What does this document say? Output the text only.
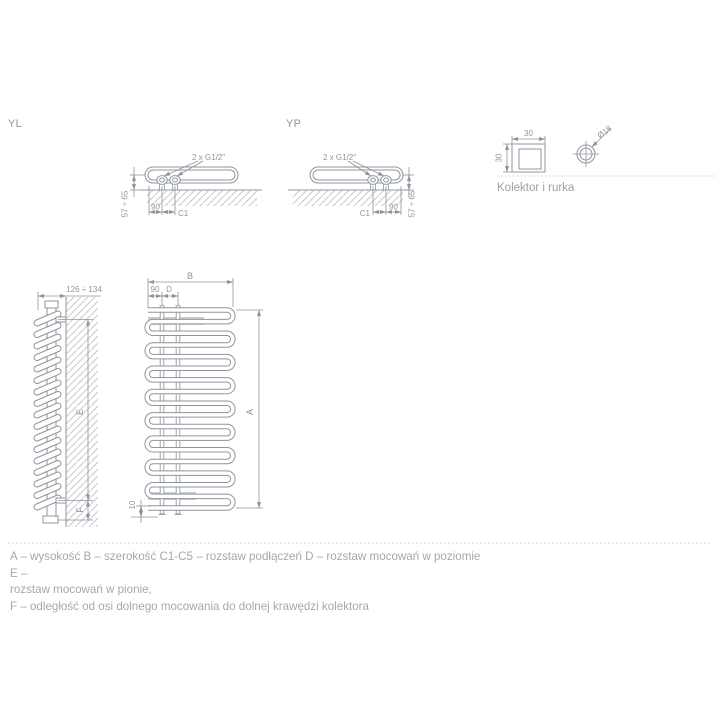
YL	YP
Kolektor i rurka
A – wysokość B – szerokość C1-C5 – rozstaw podłączeń D – rozstaw mocowań w poziomie E –
rozstaw mocowań w pionie,
F – odległość od osi dolnego mocowania do dolnej krawędzi kolektora
2 x G1/2"
57 ÷ 65	90
C1
2 x G1/2"
57 ÷ 65
C1
90
30
30
Ø18
126 ÷ 134
E
F
B
90 D
A
10
